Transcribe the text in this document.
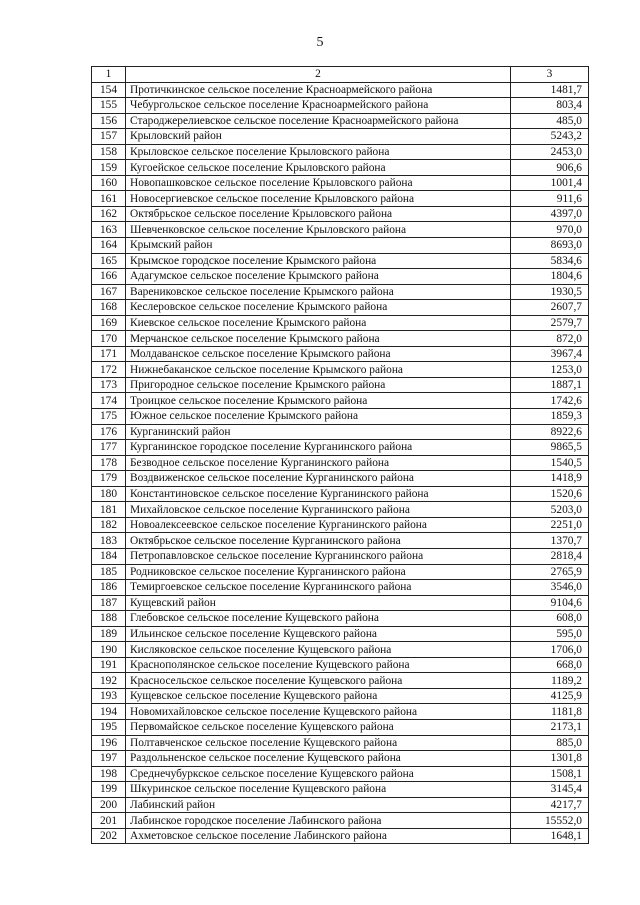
5
1	2	3
154	Протичкинское сельское поселение Красноармейского района	1481,7
155	Чебургольское сельское поселение Красноармейского района	803,4
156	Староджерелиевское сельское поселение Красноармейского района	485,0
157	Крыловский район	5243,2
158	Крыловское сельское поселение Крыловского района	2453,0
159	Кугоейское сельское поселение Крыловского района	906,6
160	Новопашковское сельское поселение Крыловского района	1001,4
161	Новосергиевское сельское поселение Крыловского района	911,6
162	Октябрьское сельское поселение Крыловского района	4397,0
163	Шевченковское сельское поселение Крыловского района	970,0
164	Крымский район	8693,0
165	Крымское городское поселение Крымского района	5834,6
166	Адагумское сельское поселение Крымского района	1804,6
167	Варениковское сельское поселение Крымского района	1930,5
168	Кеслеровское сельское поселение Крымского района	2607,7
169	Киевское сельское поселение Крымского района	2579,7
170	Мерчанское сельское поселение Крымского района	872,0
171	Молдаванское сельское поселение Крымского района	3967,4
172	Нижнебаканское сельское поселение Крымского района	1253,0
173	Пригородное сельское поселение Крымского района	1887,1
174	Троицкое сельское поселение Крымского района	1742,6
175	Южное сельское поселение Крымского района	1859,3
176	Курганинский район	8922,6
177	Курганинское городское поселение Курганинского района	9865,5
178	Безводное сельское поселение Курганинского района	1540,5
179	Воздвиженское сельское поселение Курганинского района	1418,9
180	Константиновское сельское поселение Курганинского района	1520,6
181	Михайловское сельское поселение Курганинского района	5203,0
182	Новоалексеевское сельское поселение Курганинского района	2251,0
183	Октябрьское сельское поселение Курганинского района	1370,7
184	Петропавловское сельское поселение Курганинского района	2818,4
185	Родниковское сельское поселение Курганинского района	2765,9
186	Темиргоевское сельское поселение Курганинского района	3546,0
187	Кущевский район	9104,6
188	Глебовское сельское поселение Кущевского района	608,0
189	Ильинское сельское поселение Кущевского района	595,0
190	Кисляковское сельское поселение Кущевского района	1706,0
191	Краснополянское сельское поселение Кущевского района	668,0
192	Красносельское сельское поселение Кущевского района	1189,2
193	Кущевское сельское поселение Кущевского района	4125,9
194	Новомихайловское сельское поселение Кущевского района	1181,8
195	Первомайское сельское поселение Кущевского района	2173,1
196	Полтавченское сельское поселение Кущевского района	885,0
197	Раздольненское сельское поселение Кущевского района	1301,8
198	Среднечубуркское сельское поселение Кущевского района	1508,1
199	Шкуринское сельское поселение Кущевского района	3145,4
200	Лабинский район	4217,7
201	Лабинское городское поселение Лабинского района	15552,0
202	Ахметовское сельское поселение Лабинского района	1648,1
